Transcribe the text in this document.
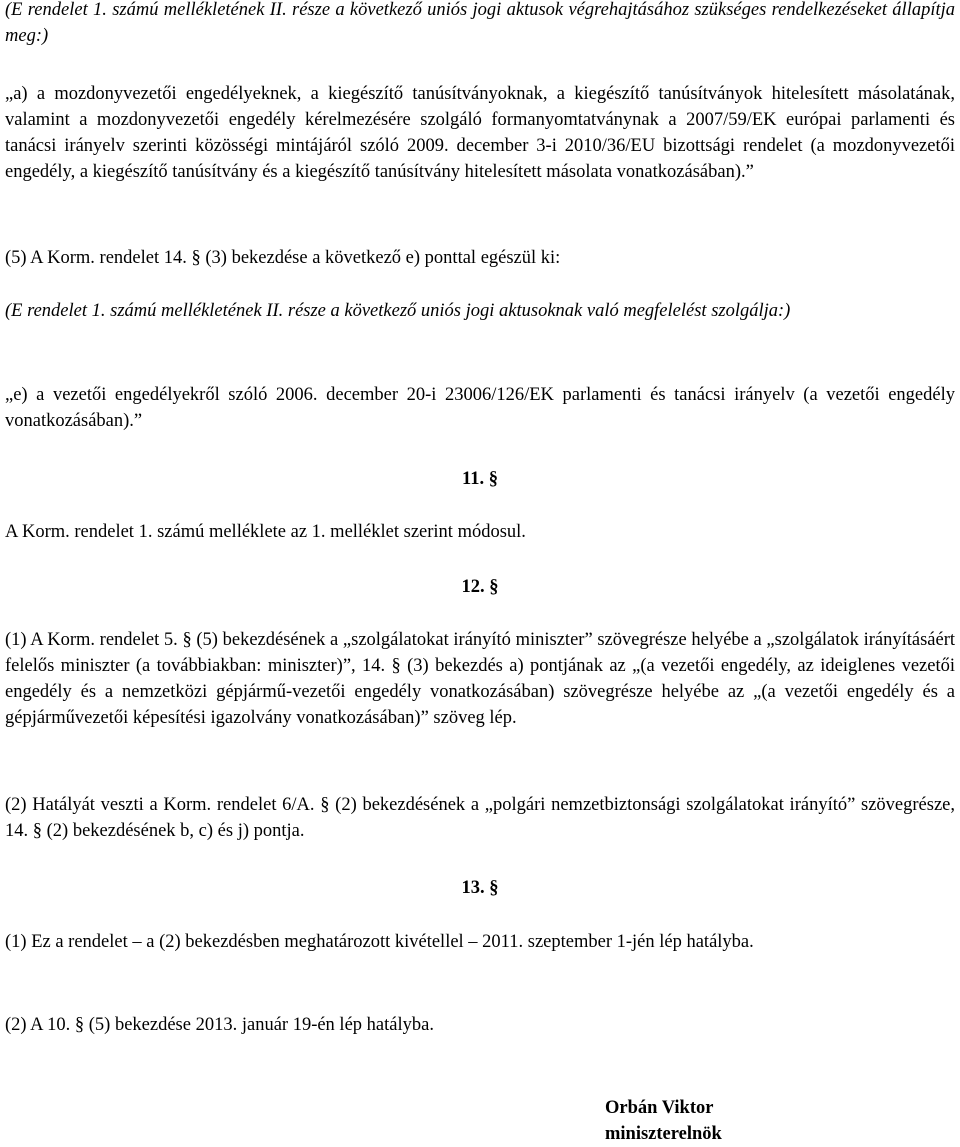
(E rendelet 1. számú mellékletének II. része a következő uniós jogi aktusok végrehajtásához szükséges rendelkezéseket állapítja meg:)

„a) a mozdonyvezetői engedélyeknek, a kiegészítő tanúsítványoknak, a kiegészítő tanúsítványok hitelesített másolatának, valamint a mozdonyvezetői engedély kérelmezésére szolgáló formanyomtatványnak a 2007/59/EK európai parlamenti és tanácsi irányelv szerinti közösségi mintájáról szóló 2009. december 3-i 2010/36/EU bizottsági rendelet (a mozdonyvezetői engedély, a kiegészítő tanúsítvány és a kiegészítő tanúsítvány hitelesített másolata vonatkozásában).”

(5) A Korm. rendelet 14. § (3) bekezdése a következő e) ponttal egészül ki:

(E rendelet 1. számú mellékletének II. része a következő uniós jogi aktusoknak való megfelelést szolgálja:)

„e) a vezetői engedélyekről szóló 2006. december 20-i 23006/126/EK parlamenti és tanácsi irányelv (a vezetői engedély vonatkozásában).”

11. §

A Korm. rendelet 1. számú melléklete az 1. melléklet szerint módosul.

12. §

(1) A Korm. rendelet 5. § (5) bekezdésének a „szolgálatokat irányító miniszter” szövegrésze helyébe a „szolgálatok irányításáért felelős miniszter (a továbbiakban: miniszter)”, 14. § (3) bekezdés a) pontjának az „(a vezetői engedély, az ideiglenes vezetői engedély és a nemzetközi gépjármű-vezetői engedély vonatkozásában) szövegrésze helyébe az „(a vezetői engedély és a gépjárművezetői képesítési igazolvány vonatkozásában)” szöveg lép.

(2) Hatályát veszti a Korm. rendelet 6/A. § (2) bekezdésének a „polgári nemzetbiztonsági szolgálatokat irányító” szövegrésze, 14. § (2) bekezdésének b, c) és j) pontja.

13. §

(1) Ez a rendelet – a (2) bekezdésben meghatározott kivétellel – 2011. szeptember 1-jén lép hatályba.

(2) A 10. § (5) bekezdése 2013. január 19-én lép hatályba.

Orbán Viktor
miniszterelnök
